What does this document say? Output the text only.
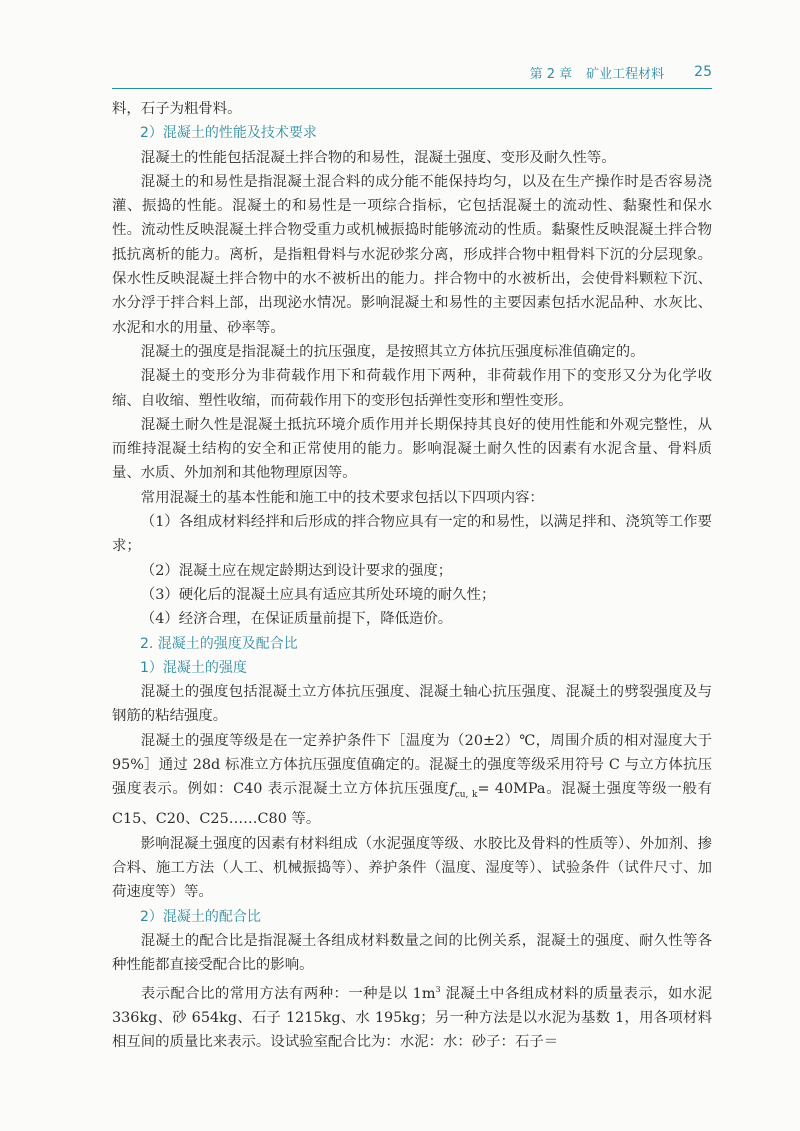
第 2 章 矿业工程材料 25

料，石子为粗骨料。

2）混凝土的性能及技术要求

混凝土的性能包括混凝土拌合物的和易性，混凝土强度、变形及耐久性等。

混凝土的和易性是指混凝土混合料的成分能不能保持均匀，以及在生产操作时是否容易浇灌、振捣的性能。混凝土的和易性是一项综合指标，它包括混凝土的流动性、黏聚性和保水性。流动性反映混凝土拌合物受重力或机械振捣时能够流动的性质。黏聚性反映混凝土拌合物抵抗离析的能力。离析，是指粗骨料与水泥砂浆分离，形成拌合物中粗骨料下沉的分层现象。保水性反映混凝土拌合物中的水不被析出的能力。拌合物中的水被析出，会使骨料颗粒下沉、水分浮于拌合料上部，出现泌水情况。影响混凝土和易性的主要因素包括水泥品种、水灰比、水泥和水的用量、砂率等。

混凝土的强度是指混凝土的抗压强度，是按照其立方体抗压强度标准值确定的。

混凝土的变形分为非荷载作用下和荷载作用下两种，非荷载作用下的变形又分为化学收缩、自收缩、塑性收缩，而荷载作用下的变形包括弹性变形和塑性变形。

混凝土耐久性是混凝土抵抗环境介质作用并长期保持其良好的使用性能和外观完整性，从而维持混凝土结构的安全和正常使用的能力。影响混凝土耐久性的因素有水泥含量、骨料质量、水质、外加剂和其他物理原因等。

常用混凝土的基本性能和施工中的技术要求包括以下四项内容：

（1）各组成材料经拌和后形成的拌合物应具有一定的和易性，以满足拌和、浇筑等工作要求；

（2）混凝土应在规定龄期达到设计要求的强度；

（3）硬化后的混凝土应具有适应其所处环境的耐久性；

（4）经济合理，在保证质量前提下，降低造价。

2. 混凝土的强度及配合比
1）混凝土的强度

混凝土的强度包括混凝土立方体抗压强度、混凝土轴心抗压强度、混凝土的劈裂强度及与钢筋的粘结强度。

混凝土的强度等级是在一定养护条件下［温度为（20±2）℃，周围介质的相对湿度大于 95%］通过 28d 标准立方体抗压强度值确定的。混凝土的强度等级采用符号 C 与立方体抗压强度表示。例如：C40 表示混凝土立方体抗压强度$f_{cu, k}= 40MPa$。混凝土强度等级一般有 C15、C20、C25……C80 等。

影响混凝土强度的因素有材料组成（水泥强度等级、水胶比及骨料的性质等）、外加剂、掺合料、施工方法（人工、机械振捣等）、养护条件（温度、湿度等）、试验条件（试件尺寸、加荷速度等）等。

2）混凝土的配合比

混凝土的配合比是指混凝土各组成材料数量之间的比例关系，混凝土的强度、耐久性等各种性能都直接受配合比的影响。

表示配合比的常用方法有两种：一种是以 $1m^3$ 混凝土中各组成材料的质量表示，如水泥 336kg、砂 654kg、石子 1215kg、水 195kg；另一种方法是以水泥为基数 1，用各项材料相互间的质量比来表示。设试验室配合比为：水泥：水：砂子：石子＝
